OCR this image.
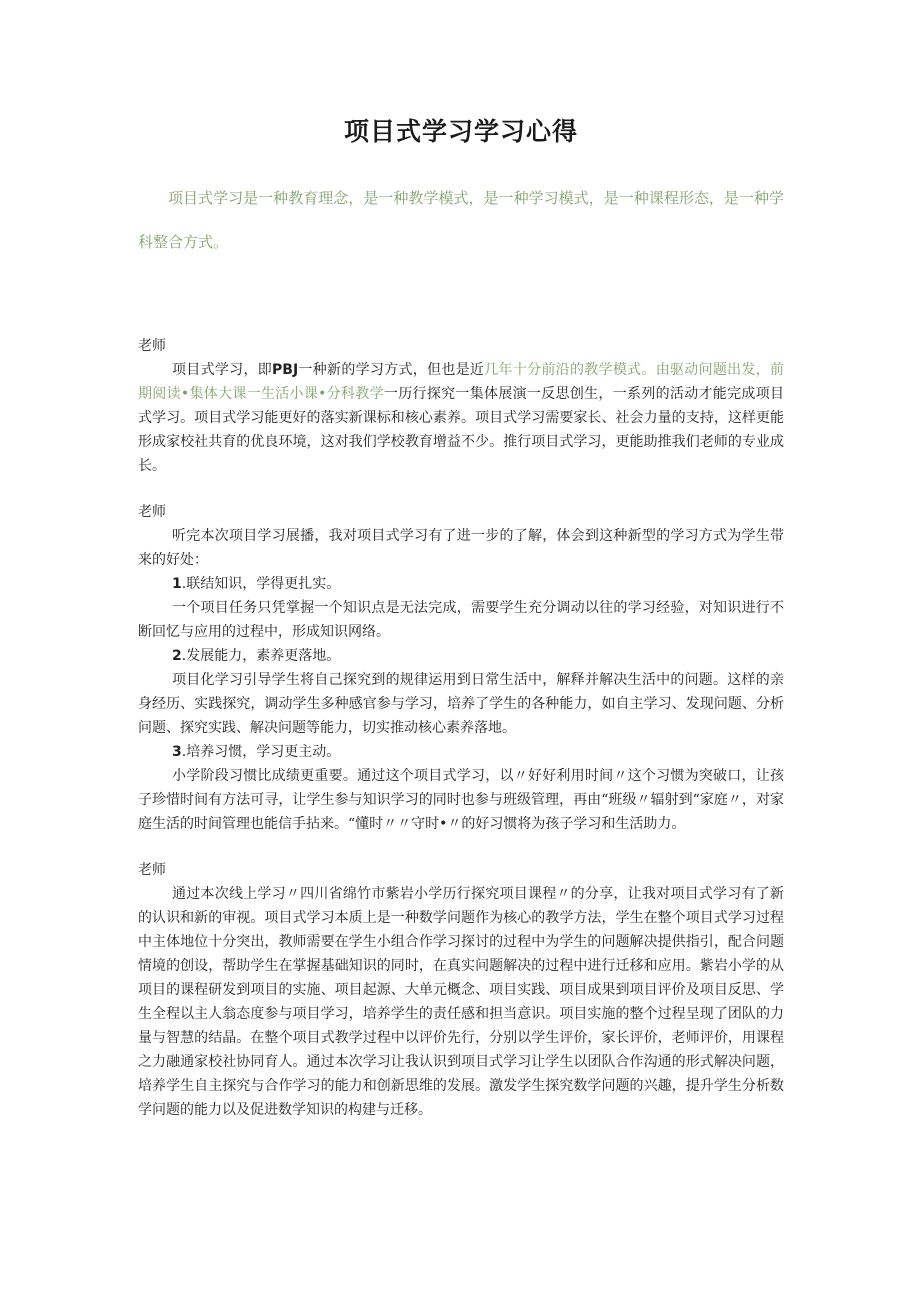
项目式学习学习心得

项目式学习是一种教育理念，是一种教学模式，是一种学习模式，是一种课程形态，是一种学科整合方式。

老师

项目式学习，即PBJ一种新的学习方式，但也是近几年十分前沿的教学模式。由驱动问题出发，前期阅读•集体大课一生活小课•分科教学一历行探究一集体展演一反思创生，一系列的活动才能完成项目式学习。项目式学习能更好的落实新课标和核心素养。项目式学习需要家长、社会力量的支持，这样更能形成家校社共育的优良环境，这对我们学校教育增益不少。推行项目式学习，更能助推我们老师的专业成长。

老师

听完本次项目学习展播，我对项目式学习有了进一步的了解，体会到这种新型的学习方式为学生带来的好处：

1.联结知识，学得更扎实。

一个项目任务只凭掌握一个知识点是无法完成，需要学生充分调动以往的学习经验，对知识进行不断回忆与应用的过程中，形成知识网络。

2.发展能力，素养更落地。

项目化学习引导学生将自己探究到的规律运用到日常生活中，解释并解决生活中的问题。这样的亲身经历、实践探究，调动学生多种感官参与学习，培养了学生的各种能力，如自主学习、发现问题、分析问题、探究实践、解决问题等能力，切实推动核心素养落地。

3.培养习惯，学习更主动。

小学阶段习惯比成绩更重要。通过这个项目式学习，以〃好好利用时间〃这个习惯为突破口，让孩子珍惜时间有方法可寻，让学生参与知识学习的同时也参与班级管理，再由“班级〃辐射到“家庭〃，对家庭生活的时间管理也能信手拈来。“懂时〃〃守时•〃的好习惯将为孩子学习和生活助力。

老师

通过本次线上学习〃四川省绵竹市紫岩小学历行探究项目课程〃的分享，让我对项目式学习有了新的认识和新的审视。项目式学习本质上是一种数学问题作为核心的教学方法，学生在整个项目式学习过程中主体地位十分突出，教师需要在学生小组合作学习探讨的过程中为学生的问题解决提供指引，配合问题情境的创设，帮助学生在掌握基础知识的同时，在真实问题解决的过程中进行迁移和应用。紫岩小学的从项目的课程研发到项目的实施、项目起源、大单元概念、项目实践、项目成果到项目评价及项目反思、学生全程以主人翁态度参与项目学习，培养学生的责任感和担当意识。项目实施的整个过程呈现了团队的力量与智慧的结晶。在整个项目式教学过程中以评价先行，分别以学生评价，家长评价，老师评价，用课程之力融通家校社协同育人。通过本次学习让我认识到项目式学习让学生以团队合作沟通的形式解决问题，培养学生自主探究与合作学习的能力和创新思维的发展。激发学生探究数学问题的兴趣，提升学生分析数学问题的能力以及促进数学知识的构建与迁移。
